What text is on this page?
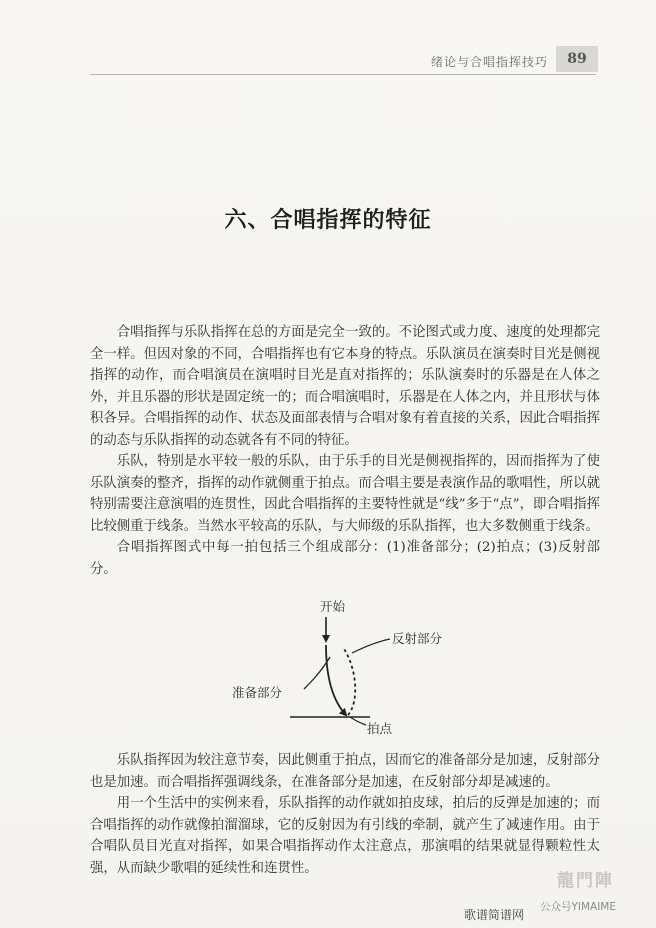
绪论与合唱指挥技巧	89
六、合唱指挥的特征

合唱指挥与乐队指挥在总的方面是完全一致的。不论图式或力度、速度的处理都完全一样。但因对象的不同，合唱指挥也有它本身的特点。乐队演员在演奏时目光是侧视指挥的动作，而合唱演员在演唱时目光是直对指挥的；乐队演奏时的乐器是在人体之外，并且乐器的形状是固定统一的；而合唱演唱时，乐器是在人体之内，并且形状与体积各异。合唱指挥的动作、状态及面部表情与合唱对象有着直接的关系，因此合唱指挥的动态与乐队指挥的动态就各有不同的特征。

乐队，特别是水平较一般的乐队，由于乐手的目光是侧视指挥的，因而指挥为了使乐队演奏的整齐，指挥的动作就侧重于拍点。而合唱主要是表演作品的歌唱性，所以就特别需要注意演唱的连贯性，因此合唱指挥的主要特性就是“线”多于“点”，即合唱指挥比较侧重于线条。当然水平较高的乐队，与大师级的乐队指挥，也大多数侧重于线条。

合唱指挥图式中每一拍包括三个组成部分：(1)准备部分；(2)拍点；(3)反射部分。

开始
反射部分
准备部分
拍点

乐队指挥因为较注意节奏，因此侧重于拍点，因而它的准备部分是加速，反射部分也是加速。而合唱指挥强调线条，在准备部分是加速，在反射部分却是减速的。

用一个生活中的实例来看，乐队指挥的动作就如拍皮球，拍后的反弹是加速的；而合唱指挥的动作就像拍溜溜球，它的反射因为有引线的牵制，就产生了减速作用。由于合唱队员目光直对指挥，如果合唱指挥动作太注意点，那演唱的结果就显得颗粒性太强，从而缺少歌唱的延续性和连贯性。

龍門陣
公众号YIMAIME
歌谱简谱网
